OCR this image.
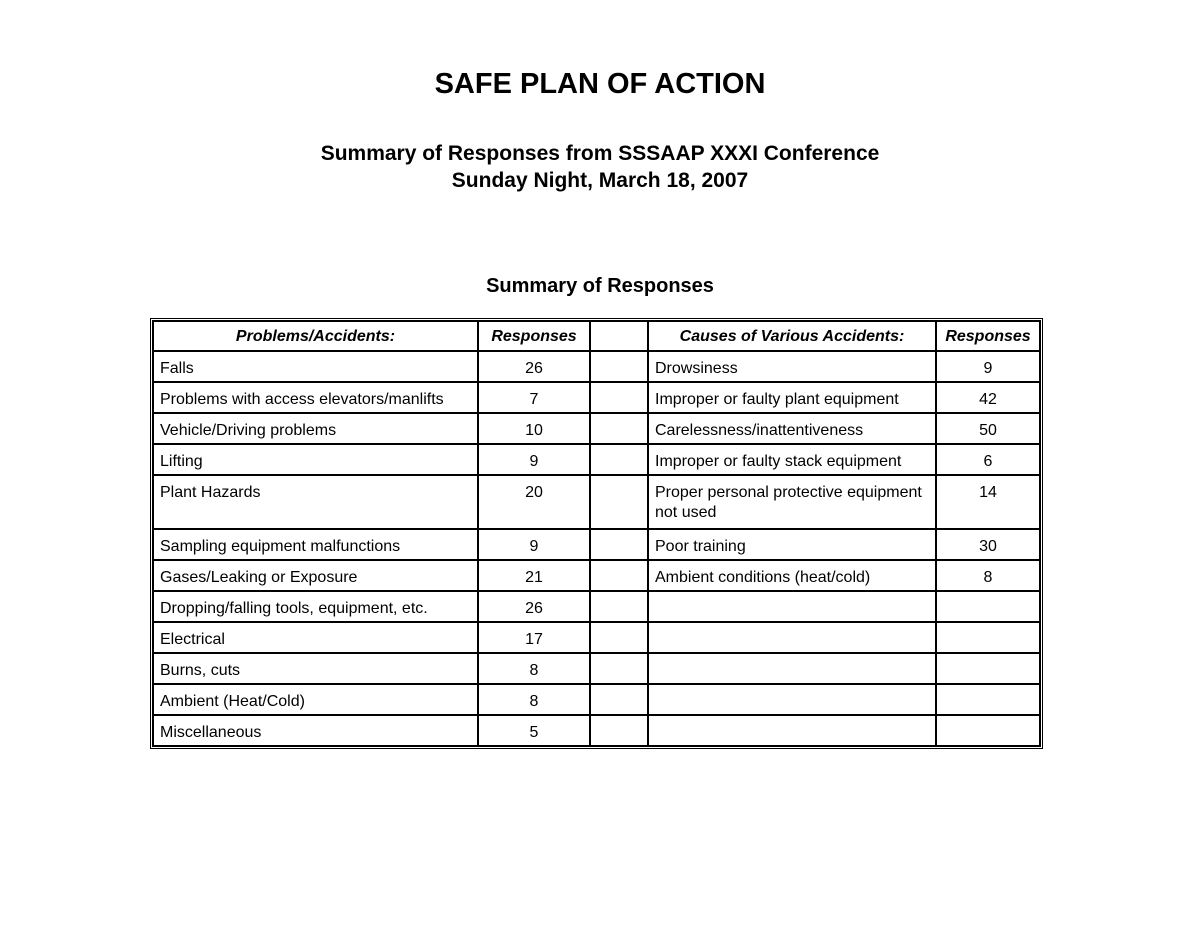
SAFE PLAN OF ACTION
Summary of Responses from SSSAAP XXXI Conference
Sunday Night, March 18, 2007
Summary of Responses
Problems/Accidents:	Responses		Causes of Various Accidents:	Responses
Falls	26		Drowsiness	9
Problems with access elevators/manlifts	7		Improper or faulty plant equipment	42
Vehicle/Driving problems	10		Carelessness/inattentiveness	50
Lifting	9		Improper or faulty stack equipment	6
Plant Hazards	20		Proper personal protective equipment not used	14
Sampling equipment malfunctions	9		Poor training	30
Gases/Leaking or Exposure	21		Ambient conditions (heat/cold)	8
Dropping/falling tools, equipment, etc.	26			
Electrical	17			
Burns, cuts	8			
Ambient (Heat/Cold)	8			
Miscellaneous	5			
